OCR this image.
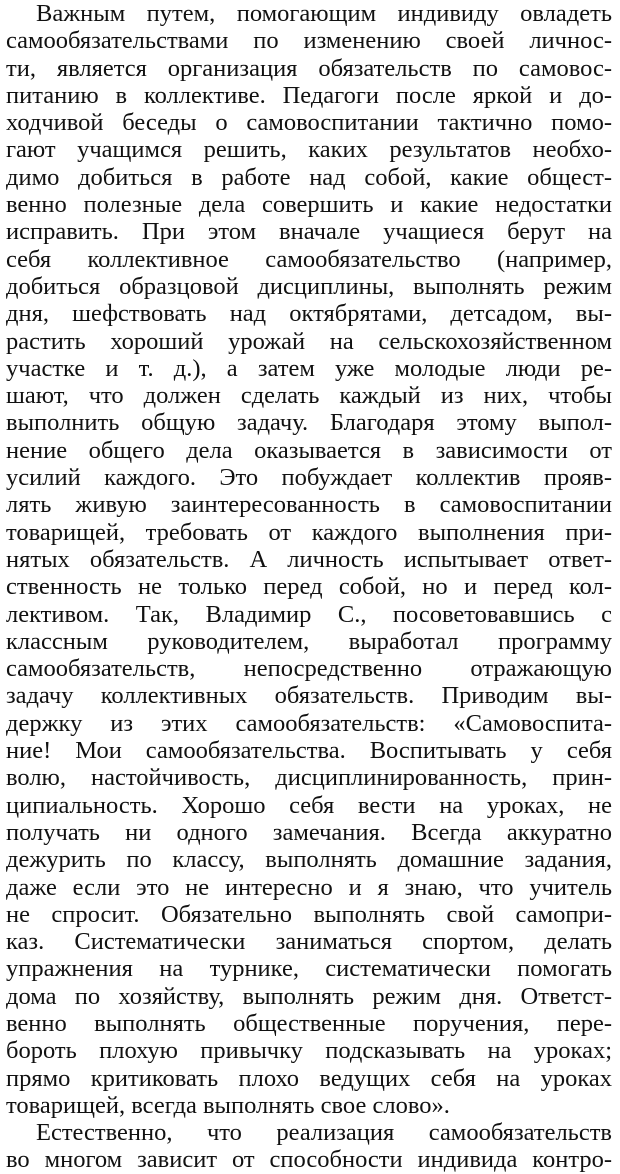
Важным путем, помогающим индивиду овладеть
самообязательствами по изменению своей личнос-
ти, является организация обязательств по самовос-
питанию в коллективе. Педагоги после яркой и до-
ходчивой беседы о самовоспитании тактично помо-
гают учащимся решить, каких результатов необхо-
димо добиться в работе над собой, какие общест-
венно полезные дела совершить и какие недостатки
исправить. При этом вначале учащиеся берут на
себя коллективное самообязательство (например,
добиться образцовой дисциплины, выполнять режим
дня, шефствовать над октябрятами, детсадом, вы-
растить хороший урожай на сельскохозяйственном
участке и т. д.), а затем уже молодые люди ре-
шают, что должен сделать каждый из них, чтобы
выполнить общую задачу. Благодаря этому выпол-
нение общего дела оказывается в зависимости от
усилий каждого. Это побуждает коллектив прояв-
лять живую заинтересованность в самовоспитании
товарищей, требовать от каждого выполнения при-
нятых обязательств. А личность испытывает ответ-
ственность не только перед собой, но и перед кол-
лективом. Так, Владимир С., посоветовавшись с
классным руководителем, выработал программу
самообязательств, непосредственно отражающую
задачу коллективных обязательств. Приводим вы-
держку из этих самообязательств: «Самовоспита-
ние! Мои самообязательства. Воспитывать у себя
волю, настойчивость, дисциплинированность, прин-
ципиальность. Хорошо себя вести на уроках, не
получать ни одного замечания. Всегда аккуратно
дежурить по классу, выполнять домашние задания,
даже если это не интересно и я знаю, что учитель
не спросит. Обязательно выполнять свой самопри-
каз. Систематически заниматься спортом, делать
упражнения на турнике, систематически помогать
дома по хозяйству, выполнять режим дня. Ответст-
венно выполнять общественные поручения, пере-
бороть плохую привычку подсказывать на уроках;
прямо критиковать плохо ведущих себя на уроках
товарищей, всегда выполнять свое слово».
Естественно, что реализация самообязательств
во многом зависит от способности индивида контро-
